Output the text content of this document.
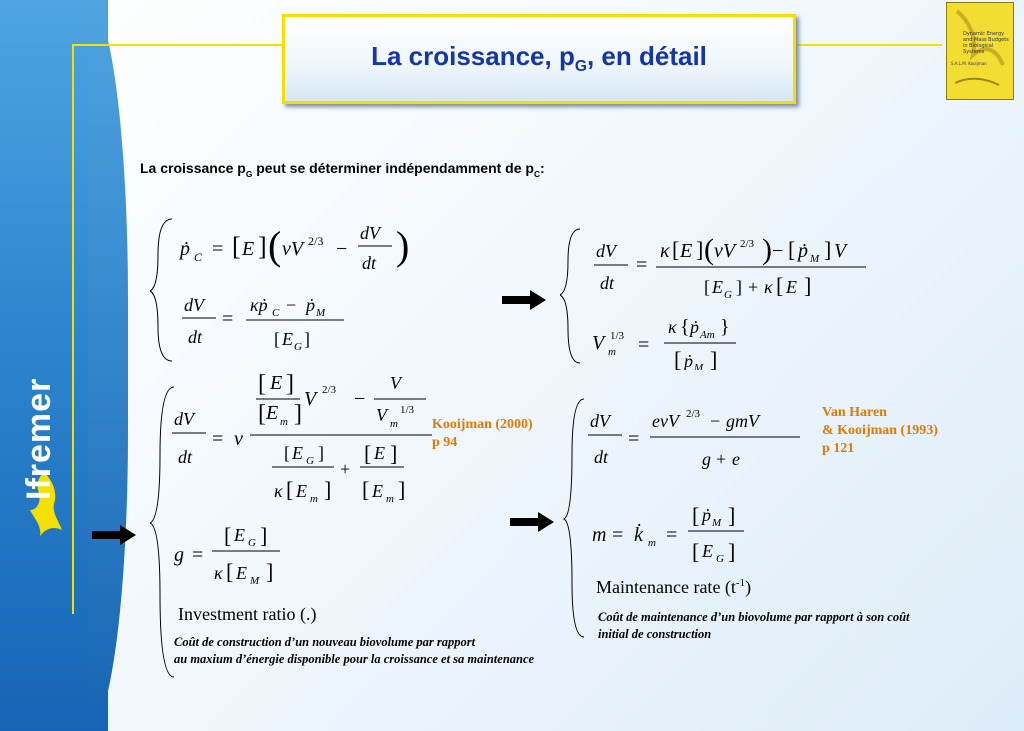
Ifremer
La croissance, $p_G$, en détail
Dynamic Energy and Mass Budgets in Biological Systems
S.A.L.M. Kooijman
La croissance $p_G$ peut se déterminer indépendamment de $p_C$:
ṗ C = [ E ] ( νV 2/3 −
dV
dt )
dV
dt
=
κṗ C − ṗ M
[ E G ]
dV
dt
=
κ [ E ] ( νV 2/3 ) − [ ṗ M ] V
[ E G ] + κ [ E ]
V m
1/3 =
κ { ṗ Am }
[ ṗ M ]
dV
dt
= ν
[ E ]
[ E m ]
V 2/3 −
V
V m
1/3
[ E G ]
κ [ E m ]
+
[ E ]
[ E m ]
g =
[ E G ]
κ [ E M ]
dV
dt
=
eνV 2/3 − gmV
g + e
m = k̇ m =
[ ṗ M ]
[ E G ]
Kooijman (2000)
p 94
Van Haren
& Kooijman (1993)
p 121
Investment ratio (.)
Maintenance rate $(t^{-1})$
Coût de construction d’un nouveau biovolume par rapport
au maxium d’énergie disponible pour la croissance et sa maintenance
Coût de maintenance d’un biovolume par rapport à son coût
initial de construction
